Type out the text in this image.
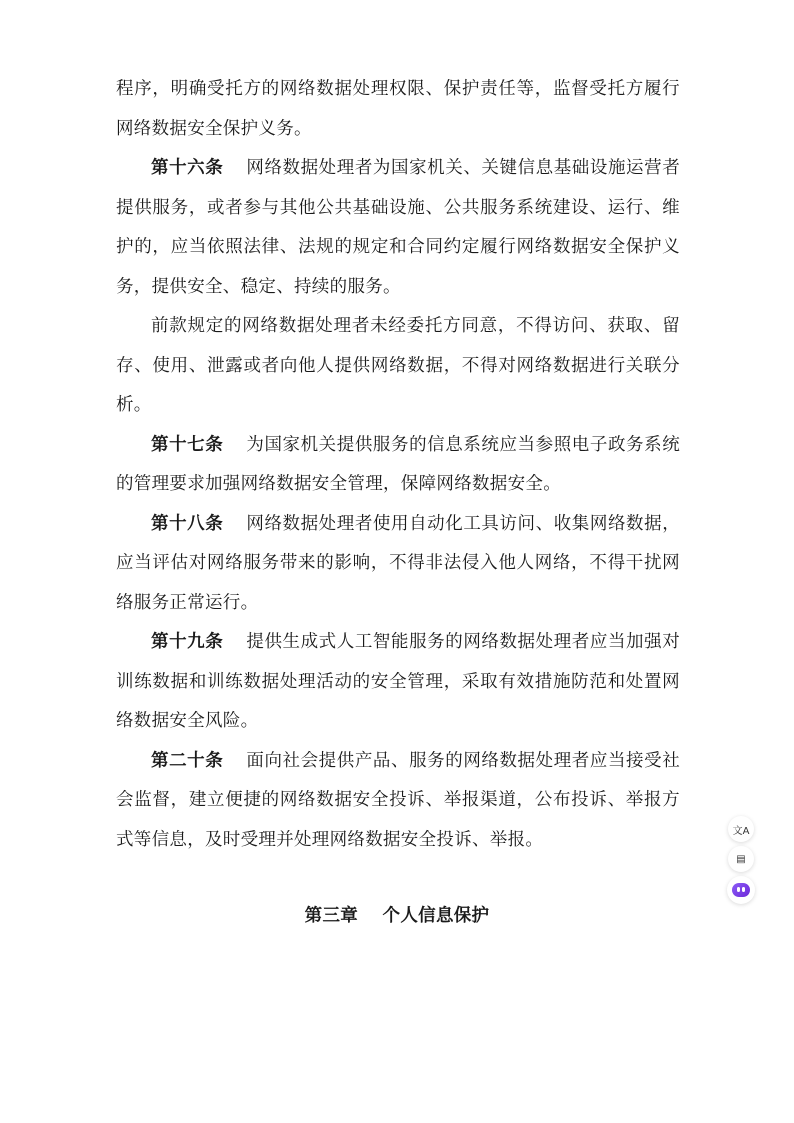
程序，明确受托方的网络数据处理权限、保护责任等，监督受托方履行网络数据安全保护义务。

第十六条 网络数据处理者为国家机关、关键信息基础设施运营者提供服务，或者参与其他公共基础设施、公共服务系统建设、运行、维护的，应当依照法律、法规的规定和合同约定履行网络数据安全保护义务，提供安全、稳定、持续的服务。

前款规定的网络数据处理者未经委托方同意，不得访问、获取、留存、使用、泄露或者向他人提供网络数据，不得对网络数据进行关联分析。

第十七条 为国家机关提供服务的信息系统应当参照电子政务系统的管理要求加强网络数据安全管理，保障网络数据安全。

第十八条 网络数据处理者使用自动化工具访问、收集网络数据，应当评估对网络服务带来的影响，不得非法侵入他人网络，不得干扰网络服务正常运行。

第十九条 提供生成式人工智能服务的网络数据处理者应当加强对训练数据和训练数据处理活动的安全管理，采取有效措施防范和处置网络数据安全风险。

第二十条 面向社会提供产品、服务的网络数据处理者应当接受社会监督，建立便捷的网络数据安全投诉、举报渠道，公布投诉、举报方式等信息，及时受理并处理网络数据安全投诉、举报。

第三章 个人信息保护
文A
▤
